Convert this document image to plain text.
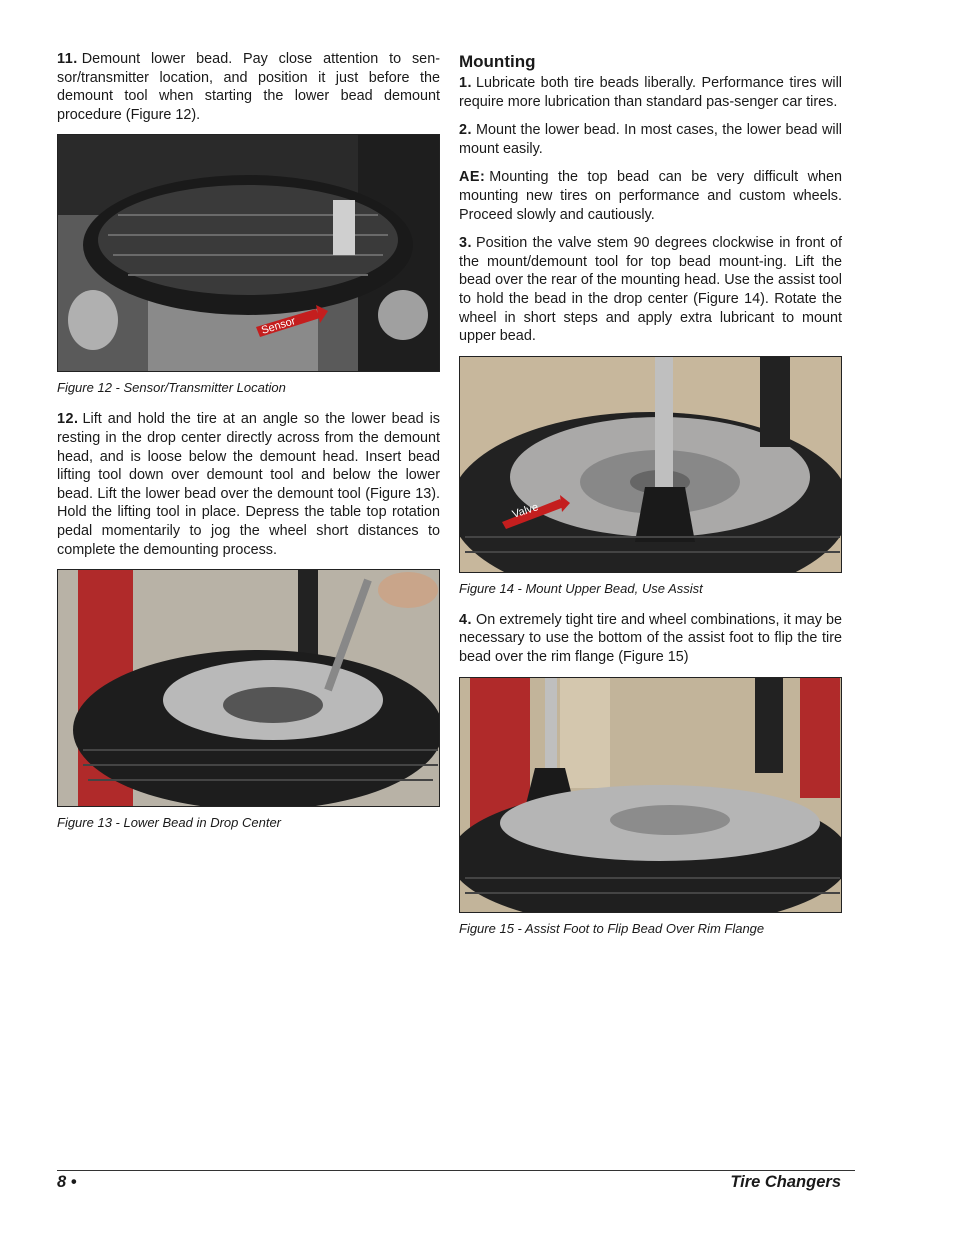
11. Demount lower bead. Pay close attention to sen-sor/transmitter location, and position it just before the demount tool when starting the lower bead demount procedure (Figure 12).

Sensor
Figure 12 - Sensor/Transmitter Location

12. Lift and hold the tire at an angle so the lower bead is resting in the drop center directly across from the demount head, and is loose below the demount head. Insert bead lifting tool down over demount tool and below the lower bead. Lift the lower bead over the demount tool (Figure 13). Hold the lifting tool in place. Depress the table top rotation pedal momentarily to jog the wheel short distances to complete the demounting process.

Figure 13 - Lower Bead in Drop Center
Mounting

1. Lubricate both tire beads liberally. Performance tires will require more lubrication than standard pas-senger car tires.

2. Mount the lower bead. In most cases, the lower bead will mount easily.

AE: Mounting the top bead can be very difficult when mounting new tires on performance and custom wheels. Proceed slowly and cautiously.

3. Position the valve stem 90 degrees clockwise in front of the mount/demount tool for top bead mount-ing. Lift the bead over the rear of the mounting head. Use the assist tool to hold the bead in the drop center (Figure 14). Rotate the wheel in short steps and apply extra lubricant to mount upper bead.

Valve
Figure 14 - Mount Upper Bead, Use Assist

4. On extremely tight tire and wheel combinations, it may be necessary to use the bottom of the assist foot to flip the tire bead over the rim flange (Figure 15)

Figure 15 - Assist Foot to Flip Bead Over Rim Flange
8 •	Tire Changers
